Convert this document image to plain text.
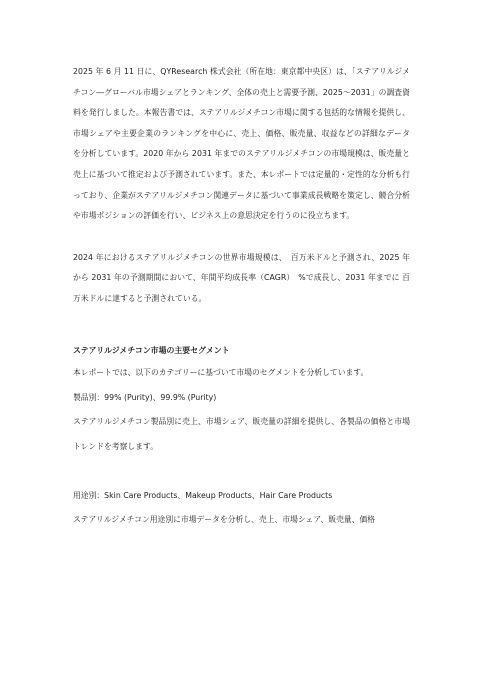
2025 年 6 月 11 日に、QYResearch 株式会社（所在地：東京都中央区）は、「ステアリルジメチコン―グローバル市場シェアとランキング、全体の売上と需要予測、2025～2031」の調査資料を発行しました。本報告書では、ステアリルジメチコン市場に関する包括的な情報を提供し、市場シェアや主要企業のランキングを中心に、売上、価格、販売量、収益などの詳細なデータを分析しています。2020 年から 2031 年までのステアリルジメチコンの市場規模は、販売量と売上に基づいて推定および予測されています。また、本レポートでは定量的・定性的な分析も行っており、企業がステアリルジメチコン関連データに基づいて事業成長戦略を策定し、競合分析や市場ポジションの評価を行い、ビジネス上の意思決定を行うのに役立ちます。

2024 年におけるステアリルジメチコンの世界市場規模は、　百万米ドルと予測され、2025 年から 2031 年の予測期間において、年間平均成長率（CAGR）　%で成長し、2031 年までに 百万米ドルに達すると予測されている。

ステアリルジメチコン市場の主要セグメント

本レポートでは、以下のカテゴリーに基づいて市場のセグメントを分析しています。

製品別：99% (Purity)、99.9% (Purity)

ステアリルジメチコン製品別に売上、市場シェア、販売量の詳細を提供し、各製品の価格と市場トレンドを考察します。

用途別：Skin Care Products、Makeup Products、Hair Care Products

ステアリルジメチコン用途別に市場データを分析し、売上、市場シェア、販売量、価格
